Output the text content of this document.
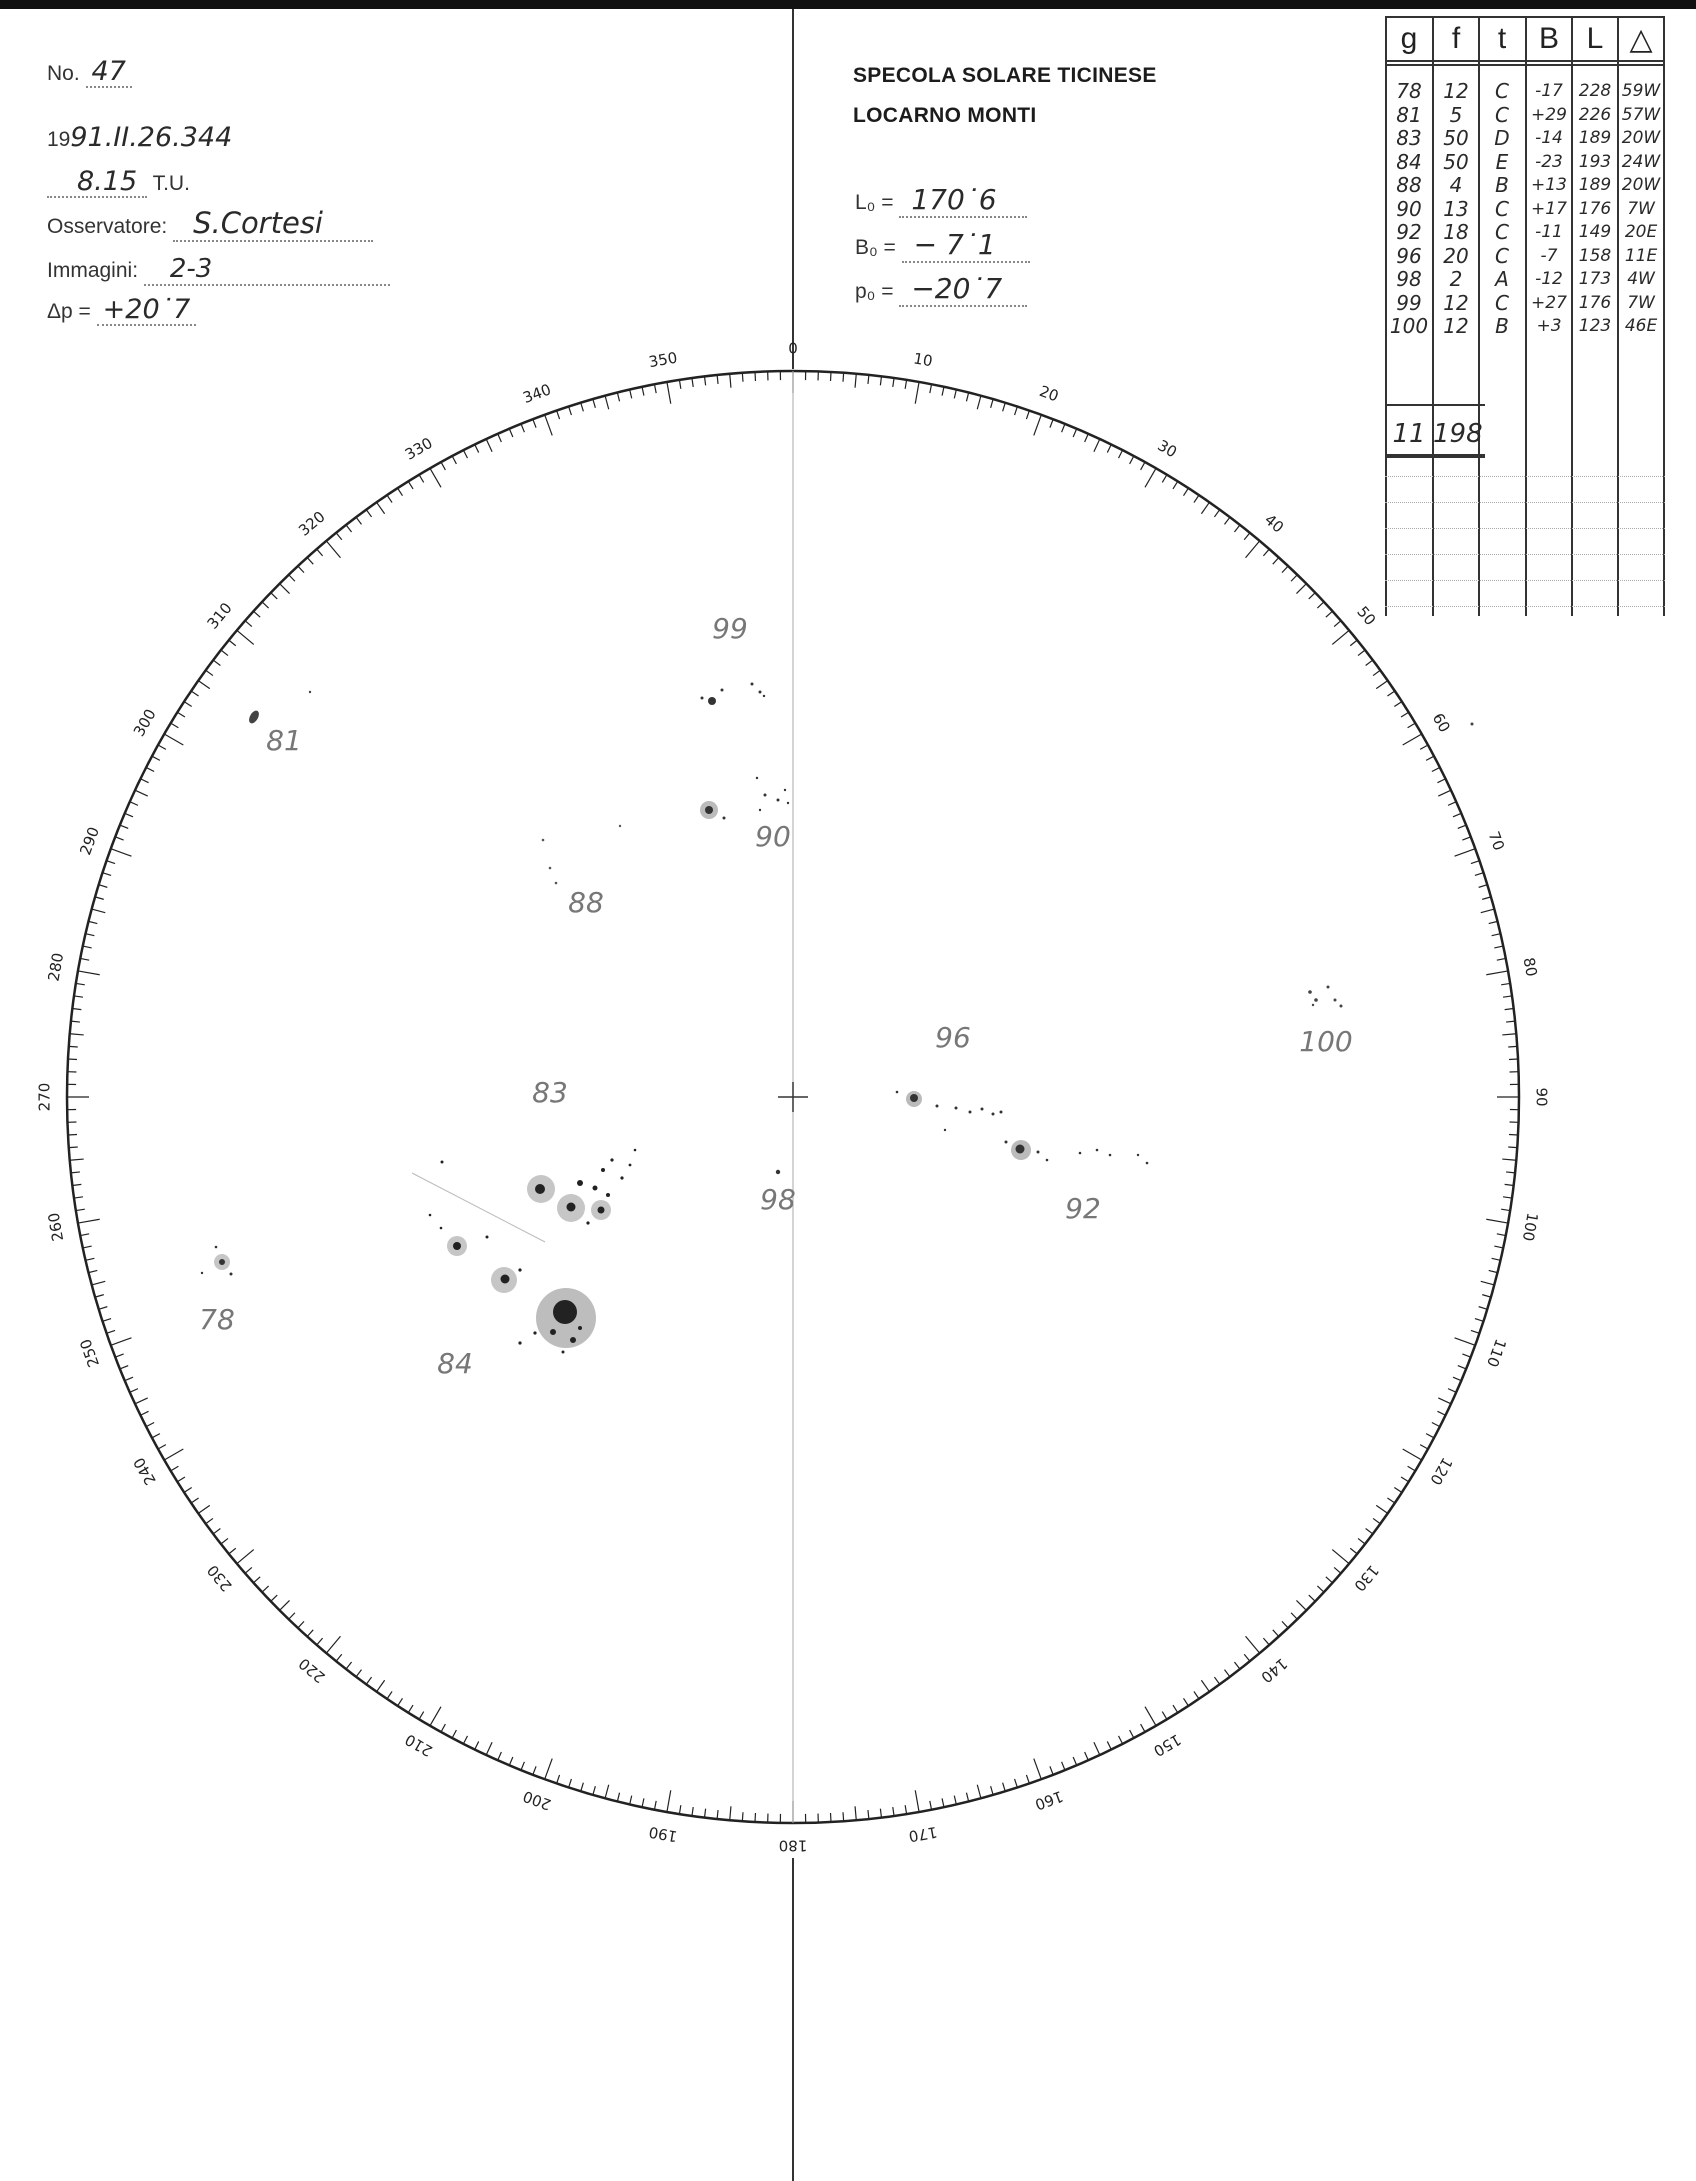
No. 47
1991.II.26.344
8.15 T.U.
Osservatore: S.Cortesi
Immagini: 2-3
Δp = +20˙7
SPECOLA SOLARE TICINESE
LOCARNO MONTI
L₀ = 170˙6
B₀ = − 7˙1
p₀ = −20˙7
0
10
20
30
40
50
60
70
80
90
100
110
120
130
140
150
160
170
180
190
200
210
220
230
240
250
260
270
280
290
300
310
320
330
340
350
99
81
90
88
96	100
83
98	92
78
84
g	f	t	B L △
78	12	C	-17 228 59W
81	5	C	+29 226 57W
83	50	D	-14 189 20W
84	50	E	-23 193 24W
88	4	B	+13 189 20W
90	13	C	+17 176 7W
92	18	C	-11 149 20E
96	20	C	-7	158 11E
98	2	A	-12 173 4W
99	12	C	+27 176 7W
100 12	B	+3	123 46E
11 198
